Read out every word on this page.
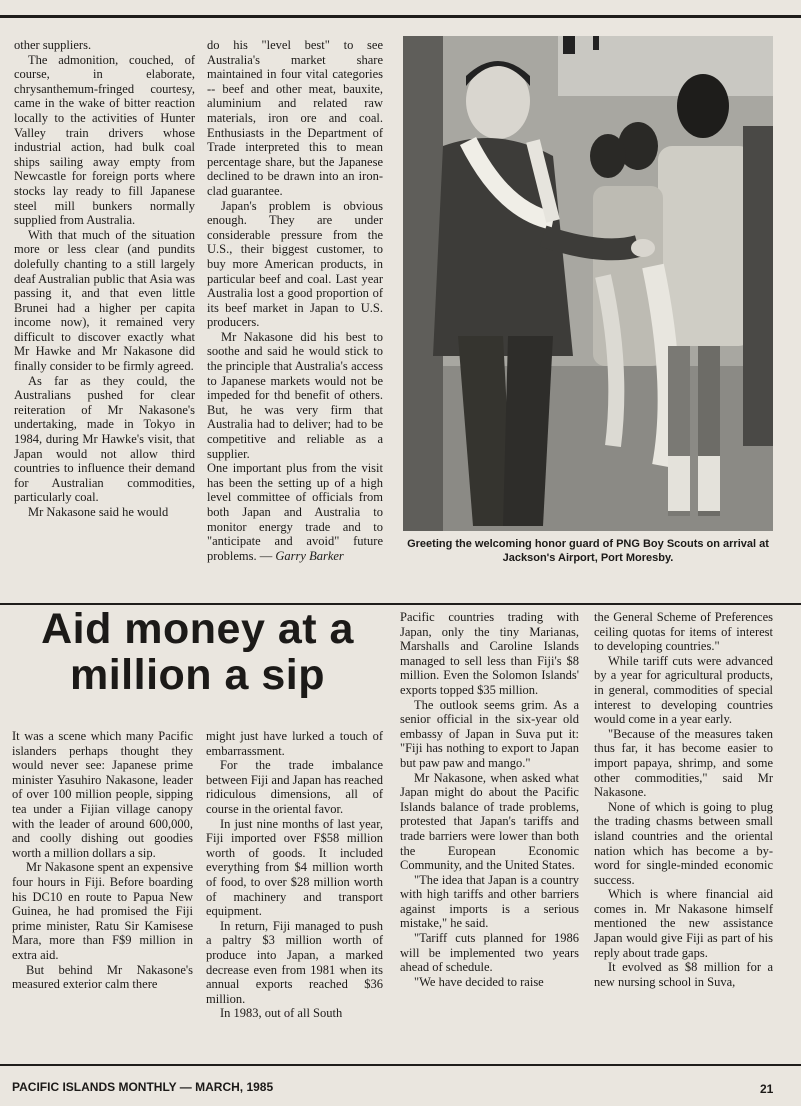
other suppliers.

The admonition, couched, of course, in elaborate, chrysanthemum-fringed courtesy, came in the wake of bitter reaction locally to the activities of Hunter Valley train drivers whose industrial action, had bulk coal ships sailing away empty from Newcastle for foreign ports where stocks lay ready to fill Japanese steel mill bunkers normally supplied from Australia.

With that much of the situation more or less clear (and pundits dolefully chanting to a still largely deaf Australian public that Asia was passing it, and that even little Brunei had a higher per capita income now), it remained very difficult to discover exactly what Mr Hawke and Mr Nakasone did finally consider to be firmly agreed.

As far as they could, the Australians pushed for clear reiteration of Mr Nakasone's undertaking, made in Tokyo in 1984, during Mr Hawke's visit, that Japan would not allow third countries to influence their demand for Australian commodities, particularly coal.

Mr Nakasone said he would

do his "level best" to see Australia's market share maintained in four vital categories -- beef and other meat, bauxite, aluminium and related raw materials, iron ore and coal. Enthusiasts in the Department of Trade interpreted this to mean percentage share, but the Japanese declined to be drawn into an iron-clad guarantee.

Japan's problem is obvious enough. They are under considerable pressure from the U.S., their biggest customer, to buy more American products, in particular beef and coal. Last year Australia lost a good proportion of its beef market in Japan to U.S. producers.

Mr Nakasone did his best to soothe and said he would stick to the principle that Australia's access to Japanese markets would not be impeded for thd benefit of others. But, he was very firm that Australia had to deliver; had to be competitive and reliable as a supplier.

One important plus from the visit has been the setting up of a high level committee of officials from both Japan and Australia to monitor energy trade and to "anticipate and avoid" future problems. — Garry Barker

Greeting the welcoming honor guard of PNG Boy Scouts on arrival at Jackson's Airport, Port Moresby.
Aid money at a million a sip

It was a scene which many Pacific islanders perhaps thought they would never see: Japanese prime minister Yasuhiro Nakasone, leader of over 100 million people, sipping tea under a Fijian village canopy with the leader of around 600,000, and coolly dishing out goodies worth a million dollars a sip.

Mr Nakasone spent an expensive four hours in Fiji. Before boarding his DC10 en route to Papua New Guinea, he had promised the Fiji prime minister, Ratu Sir Kamisese Mara, more than F$9 million in extra aid.

But behind Mr Nakasone's measured exterior calm there

might just have lurked a touch of embarrassment.

For the trade imbalance between Fiji and Japan has reached ridiculous dimensions, all of course in the oriental favor.

In just nine months of last year, Fiji imported over F$58 million worth of goods. It included everything from $4 million worth of food, to over $28 million worth of machinery and transport equipment.

In return, Fiji managed to push a paltry $3 million worth of produce into Japan, a marked decrease even from 1981 when its annual exports reached $36 million.

In 1983, out of all South

Pacific countries trading with Japan, only the tiny Marianas, Marshalls and Caroline Islands managed to sell less than Fiji's $8 million. Even the Solomon Islands' exports topped $35 million.

The outlook seems grim. As a senior official in the six-year old embassy of Japan in Suva put it: "Fiji has nothing to export to Japan but paw paw and mango."

Mr Nakasone, when asked what Japan might do about the Pacific Islands balance of trade problems, protested that Japan's tariffs and trade barriers were lower than both the European Economic Community, and the United States.

"The idea that Japan is a country with high tariffs and other barriers against imports is a serious mistake," he said.

"Tariff cuts planned for 1986 will be implemented two years ahead of schedule.

"We have decided to raise

the General Scheme of Preferences ceiling quotas for items of interest to developing countries."

While tariff cuts were advanced by a year for agricultural products, in general, commodities of special interest to developing countries would come in a year early.

"Because of the measures taken thus far, it has become easier to import papaya, shrimp, and some other commodities," said Mr Nakasone.

None of which is going to plug the trading chasms between small island countries and the oriental nation which has become a by-word for single-minded economic success.

Which is where financial aid comes in. Mr Nakasone himself mentioned the new assistance Japan would give Fiji as part of his reply about trade gaps.

It evolved as $8 million for a new nursing school in Suva,

PACIFIC ISLANDS MONTHLY — MARCH, 1985	21
